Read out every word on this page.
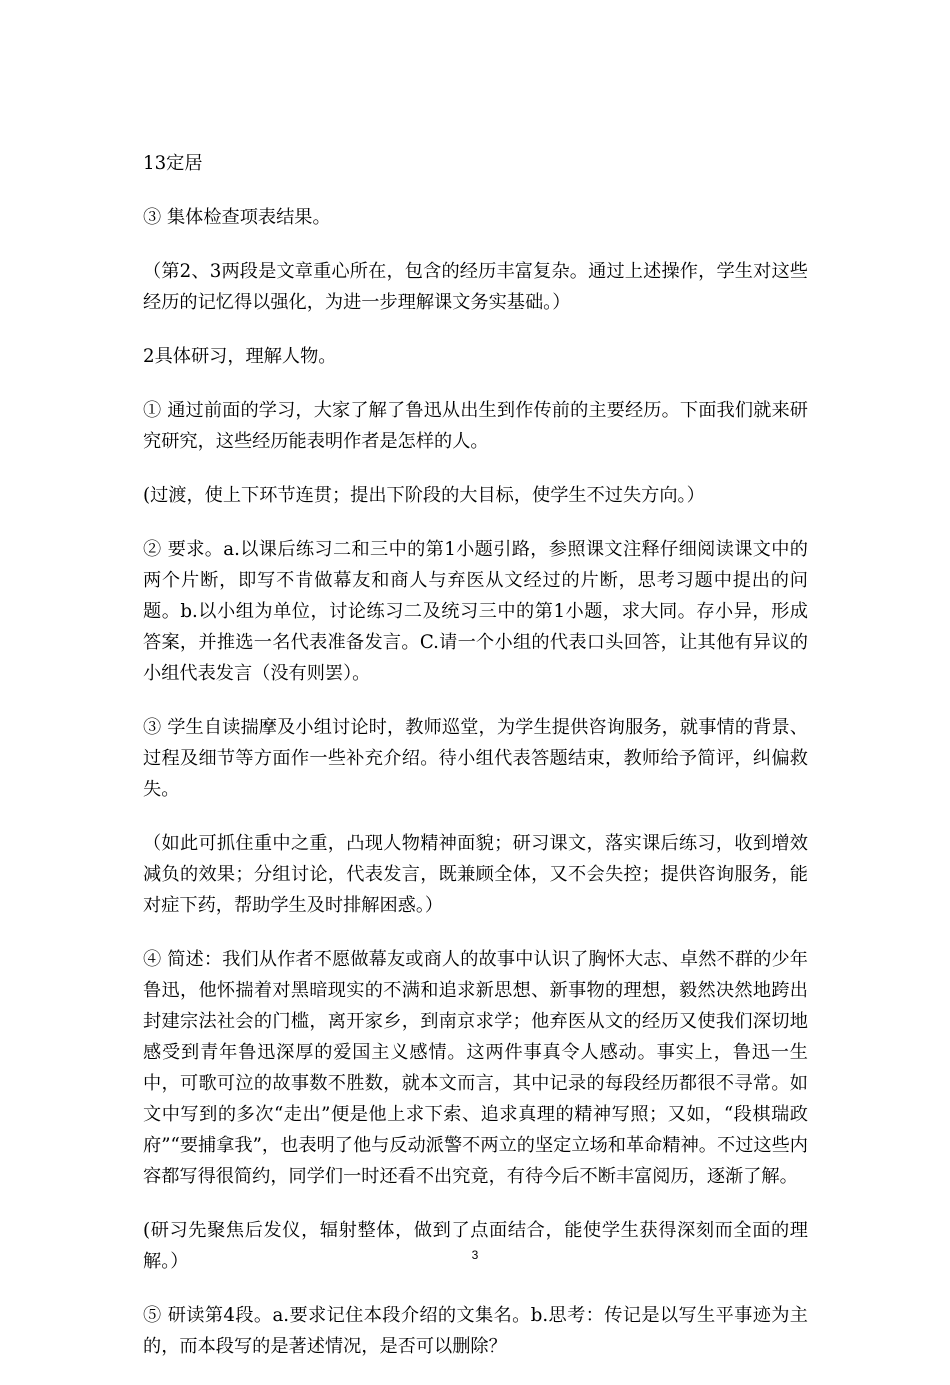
13定居

③ 集体检查项表结果。

（第2、3两段是文章重心所在，包含的经历丰富复杂。通过上述操作，学生对这些经历的记忆得以强化，为进一步理解课文务实基础。）

2具体研习，理解人物。

① 通过前面的学习，大家了解了鲁迅从出生到作传前的主要经历。下面我们就来研究研究，这些经历能表明作者是怎样的人。

(过渡，使上下环节连贯；提出下阶段的大目标，使学生不过失方向。）

② 要求。a.以课后练习二和三中的第1小题引路，参照课文注释仔细阅读课文中的两个片断，即写不肯做幕友和商人与弃医从文经过的片断，思考习题中提出的问题。b.以小组为单位，讨论练习二及统习三中的第1小题，求大同。存小异，形成答案，并推选一名代表准备发言。C.请一个小组的代表口头回答，让其他有异议的小组代表发言（没有则罢）。

③ 学生自读揣摩及小组讨论时，教师巡堂，为学生提供咨询服务，就事情的背景、过程及细节等方面作一些补充介绍。待小组代表答题结束，教师给予简评，纠偏救失。

（如此可抓住重中之重，凸现人物精神面貌；研习课文，落实课后练习，收到增效减负的效果；分组讨论，代表发言，既兼顾全体，又不会失控；提供咨询服务，能对症下药，帮助学生及时排解困惑。）

④ 简述：我们从作者不愿做幕友或商人的故事中认识了胸怀大志、卓然不群的少年鲁迅，他怀揣着对黑暗现实的不满和追求新思想、新事物的理想，毅然决然地跨出封建宗法社会的门槛，离开家乡，到南京求学；他弃医从文的经历又使我们深切地感受到青年鲁迅深厚的爱国主义感情。这两件事真令人感动。事实上，鲁迅一生中，可歌可泣的故事数不胜数，就本文而言，其中记录的每段经历都很不寻常。如文中写到的多次“走出”便是他上求下索、追求真理的精神写照；又如，“段棋瑞政府”“要捕拿我”，也表明了他与反动派警不两立的坚定立场和革命精神。不过这些内容都写得很简约，同学们一时还看不出究竟，有待今后不断丰富阅历，逐渐了解。

(研习先聚焦后发仪，辐射整体，做到了点面结合，能使学生获得深刻而全面的理解。）

⑤ 研读第4段。a.要求记住本段介绍的文集名。b.思考：传记是以写生平事迹为主的，而本段写的是著述情况，是否可以删除？

3
